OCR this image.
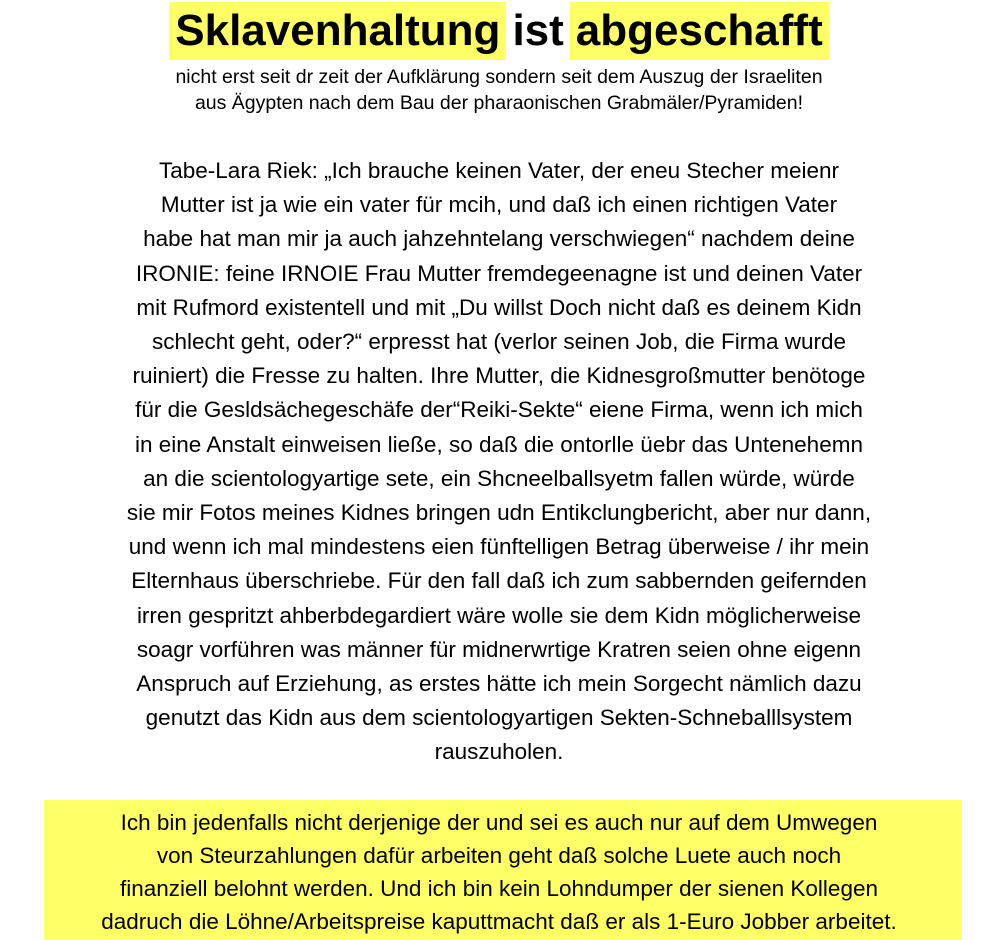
Sklavenhaltung ist abgeschafft
nicht erst seit dr zeit der Aufklärung sondern seit dem Auszug der Israeliten
aus Ägypten nach dem Bau der pharaonischen Grabmäler/Pyramiden!
Tabe-Lara Riek: „Ich brauche keinen Vater, der eneu Stecher meienr
Mutter ist ja wie ein vater für mcih, und daß ich einen richtigen Vater
habe hat man mir ja auch jahzehntelang verschwiegen“ nachdem deine
IRONIE: feine IRNOIE Frau Mutter fremdegeenagne ist und deinen Vater
mit Rufmord existentell und mit „Du willst Doch nicht daß es deinem Kidn
schlecht geht, oder?“ erpresst hat (verlor seinen Job, die Firma wurde
ruiniert) die Fresse zu halten. Ihre Mutter, die Kidnesgroßmutter benötoge
für die Gesldsächegeschäfe der“Reiki-Sekte“ eiene Firma, wenn ich mich
in eine Anstalt einweisen ließe, so daß die ontorlle üebr das Untenehemn
an die scientologyartige sete, ein Shcneelballsyetm fallen würde, würde
sie mir Fotos meines Kidnes bringen udn Entikclungbericht, aber nur dann,
und wenn ich mal mindestens eien fünftelligen Betrag überweise / ihr mein
Elternhaus überschriebe. Für den fall daß ich zum sabbernden geifernden
irren gespritzt ahberbdegardiert wäre wolle sie dem Kidn möglicherweise
soagr vorführen was männer für midnerwrtige Kratren seien ohne eigenn
Anspruch auf Erziehung, as erstes hätte ich mein Sorgecht nämlich dazu
genutzt das Kidn aus dem scientologyartigen Sekten-Schneballlsystem
rauszuholen.
Ich bin jedenfalls nicht derjenige der und sei es auch nur auf dem Umwegen
von Steurzahlungen dafür arbeiten geht daß solche Luete auch noch
finanziell belohnt werden. Und ich bin kein Lohndumper der sienen Kollegen
dadruch die Löhne/Arbeitspreise kaputtmacht daß er als 1-Euro Jobber arbeitet.
